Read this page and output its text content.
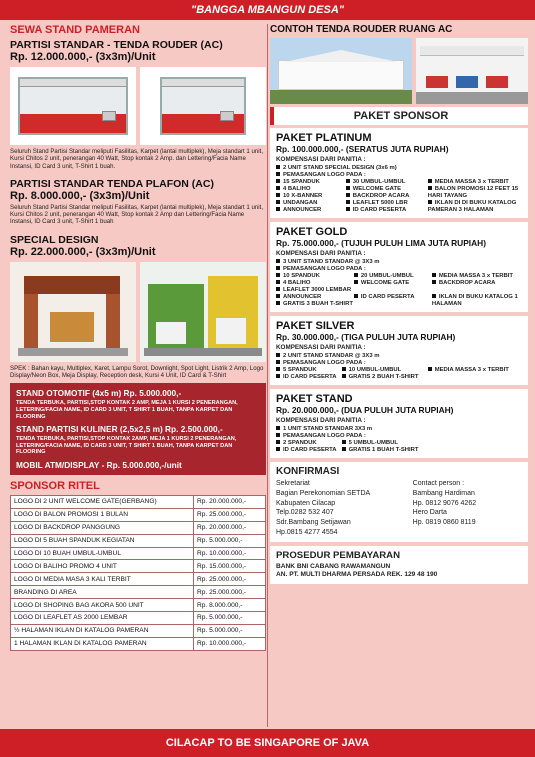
"BANGGA MBANGUN DESA"
SEWA STAND PAMERAN
PARTISI STANDAR - TENDA ROUDER (AC)
Rp. 12.000.000,- (3x3m)/Unit
Seluruh Stand Partisi Standar meliputi Fasilitas, Karpet (lantai multiplek), Meja standart 1 unit, Kursi Chitos 2 unit, penerangan 40 Watt, Stop kontak 2 Amp. dan Lettering/Facia Name Instansi, ID Card 3 unit, T-Shirt 1 buah.
PARTISI STANDAR TENDA PLAFON (AC)
Rp. 8.000.000,- (3x3m)/Unit
Seluruh Stand Partisi Standar meliputi Fasilitas, Karpet (lantai multiplek), Meja standart 1 unit, Kursi Chitos 2 unit, penerangan 40 Watt, Stop kontak 2 Amp dan Lettering/Facia Name Instansi, ID Card 3 unit, T-Shirt 1 buah
SPECIAL DESIGN
Rp. 22.000.000,- (3x3m)/Unit
SPEK : Bahan kayu, Multiplex, Karet, Lampu Sorot, Downlight, Spot Light, Listrik 2 Amp, Logo Display/Neon Box, Meja Display, Reception desk, Kursi 4 Unit, ID Card & T-Shirt
STAND OTOMOTIF (4x5 m) Rp. 5.000.000,-
TENDA TERBUKA, PARTISI,STOP KONTAK 2 AMP, MEJA 1 KURSI 2 PENERANGAN, LETERING/FACIA NAME, ID CARD 3 UNIT, T SHIRT 1 BUAH, TANPA KARPET DAN FLOORING
STAND PARTISI KULINER (2,5x2,5 m) Rp. 2.500.000,-
TENDA TERBUKA, PARTISI,STOP KONTAK 2AMP, MEJA 1 KURSI 2 PENERANGAN, LETERING/FACIA NAME, ID CARD 3 UNIT, T SHIRT 1 BUAH, TANPA KARPET DAN FLOORING
MOBIL ATM/DISPLAY - Rp. 5.000.000,-/unit
SPONSOR RITEL
LOGO DI 2 UNIT WELCOME GATE(GERBANG)	Rp. 20.000.000,-
LOGO DI BALON PROMOSI 1 BULAN	Rp. 25.000.000,-
LOGO DI BACKDROP PANGGUNG	Rp. 20.000.000,-
LOGO DI 5 BUAH SPANDUK KEGIATAN	Rp. 5.000.000,-
LOGO DI 10 BUAH UMBUL-UMBUL	Rp. 10.000.000,-
LOGO DI BALIHO PROMO 4 UNIT	Rp. 15.000.000,-
LOGO DI MEDIA MASA 3 KALI TERBIT	Rp. 25.000.000,-
BRANDING DI AREA	Rp. 25.000.000,-
LOGO DI SHOPING BAG AKORA 500 UNIT	Rp. 8.000.000,-
LOGO DI LEAFLET AS 2000 LEMBAR	Rp. 5.000.000,-
½ HALAMAN IKLAN DI KATALOG PAMERAN	Rp. 5.000.000,-
1 HALAMAN IKLAN DI KATALOG PAMERAN	Rp. 10.000.000,-
CONTOH TENDA ROUDER RUANG AC
PAKET SPONSOR
PAKET PLATINUM
Rp. 100.000.000,- (SERATUS JUTA RUPIAH)
KOMPENSASI DARI PANITIA :
2 UNIT STAND SPECIAL DESIGN (3x6 m)
PEMASANGAN LOGO PADA :
15 SPANDUK
4 BALIHO
10 X-BANNER
UNDANGAN
ANNOUNCER
30 UMBUL-UMBUL
WELCOME GATE
BACKDROP ACARA
LEAFLET 5000 LBR
ID CARD PESERTA
MEDIA MASSA 3 x TERBIT
BALON PROMOSI 12 FEET 15 HARI TAYANG
IKLAN DI DI BUKU KATALOG PAMERAN 3 HALAMAN
PAKET GOLD
Rp. 75.000.000,- (TUJUH PULUH LIMA JUTA RUPIAH)
KOMPENSASI DARI PANITIA :
3 UNIT STAND STANDAR @ 3X3 m
PEMASANGAN LOGO PADA :
10 SPANDUK
4 BALIHO
LEAFLET 3000 LEMBAR
ANNOUNCER
GRATIS 3 BUAH T-SHIRT
20 UMBUL-UMBUL
WELCOME GATE

ID CARD PESERTA

MEDIA MASSA 3 x TERBIT
BACKDROP ACARA

IKLAN DI BUKU KATALOG 1 HALAMAN
PAKET SILVER
Rp. 30.000.000,- (TIGA PULUH JUTA RUPIAH)
KOMPENSASI DARI PANITIA :
2 UNIT STAND STANDAR @ 3X3 m
PEMASANGAN LOGO PADA :
5 SPANDUK
ID CARD PESERTA
10 UMBUL-UMBUL
GRATIS 2 BUAH T-SHIRT
MEDIA MASSA 3 x TERBIT
PAKET STAND
Rp. 20.000.000,- (DUA PULUH JUTA RUPIAH)
KOMPENSASI DARI PANITIA :
1 UNIT STAND STANDAR 3X3 m
PEMASANGAN LOGO PADA :
2 SPANDUK
ID CARD PESERTA
5 UMBUL-UMBUL
GRATIS 1 BUAH T-SHIRT
KONFIRMASI
Sekretariat
Bagian Perekonomian SETDA
Kabupaten Cilacap
Telp.0282 532 407
Sdr.Bambang Setijawan
Hp.0815 4277 4554
Contact person :
Bambang Hardiman
Hp. 0812 9076 4262
Hero Darta
Hp. 0819 0860 8119
PROSEDUR PEMBAYARAN
BANK BNI CABANG RAWAMANGUN
AN. PT. MULTI DHARMA PERSADA REK. 129 48 190
CILACAP TO BE SINGAPORE OF JAVA
